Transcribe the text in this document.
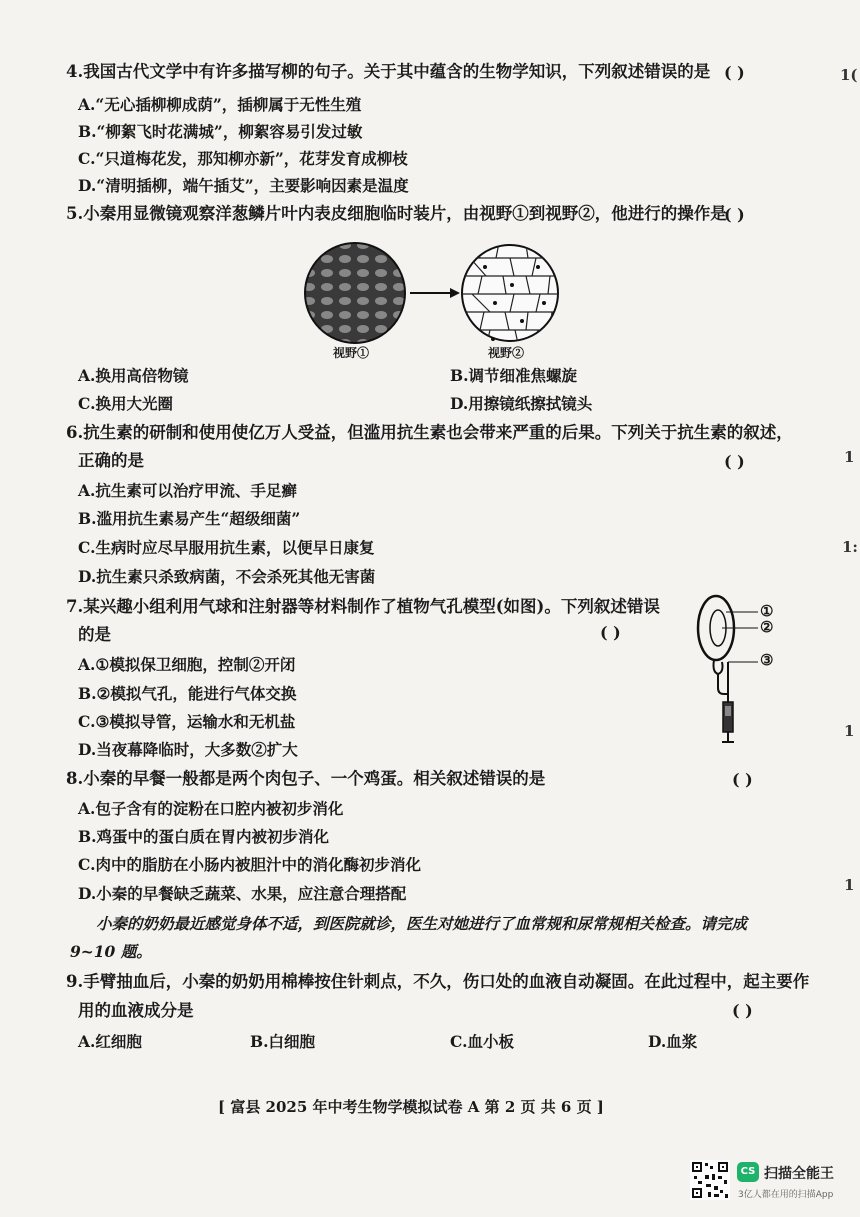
4.我国古代文学中有许多描写柳的句子。关于其中蕴含的生物学知识，下列叙述错误的是 ( )
A.“无心插柳柳成荫”，插柳属于无性生殖
B.“柳絮飞时花满城”，柳絮容易引发过敏
C.“只道梅花发，那知柳亦新”，花芽发育成柳枝
D.“清明插柳，端午插艾”，主要影响因素是温度
5.小秦用显微镜观察洋葱鳞片叶内表皮细胞临时装片，由视野①到视野②，他进行的操作是
( )
视野①	视野②
A.换用高倍物镜	B.调节细准焦螺旋
C.换用大光圈	D.用擦镜纸擦拭镜头
6.抗生素的研制和使用使亿万人受益，但滥用抗生素也会带来严重的后果。下列关于抗生素的叙述，
正确的是	( )
A.抗生素可以治疗甲流、手足癣
B.滥用抗生素易产生“超级细菌”
C.生病时应尽早服用抗生素，以便早日康复
D.抗生素只杀致病菌，不会杀死其他无害菌
7.某兴趣小组利用气球和注射器等材料制作了植物气孔模型(如图)。下列叙述错误
的是	( )
A.①模拟保卫细胞，控制②开闭
B.②模拟气孔，能进行气体交换
C.③模拟导管，运输水和无机盐
D.当夜幕降临时，大多数②扩大
①
②
③
8.小秦的早餐一般都是两个肉包子、一个鸡蛋。相关叙述错误的是	( )
A.包子含有的淀粉在口腔内被初步消化
B.鸡蛋中的蛋白质在胃内被初步消化
C.肉中的脂肪在小肠内被胆汁中的消化酶初步消化
D.小秦的早餐缺乏蔬菜、水果，应注意合理搭配
小秦的奶奶最近感觉身体不适，到医院就诊，医生对她进行了血常规和尿常规相关检查。请完成
9~10 题。
9.手臂抽血后，小秦的奶奶用棉棒按住针刺点，不久，伤口处的血液自动凝固。在此过程中，起主要作
用的血液成分是	( )
A.红细胞	B.白细胞	C.血小板	D.血浆
[ 富县 2025 年中考生物学模拟试卷 A 第 2 页 共 6 页 ]
1(
1
1:
1
1
CS 扫描全能王
3亿人都在用的扫描App
